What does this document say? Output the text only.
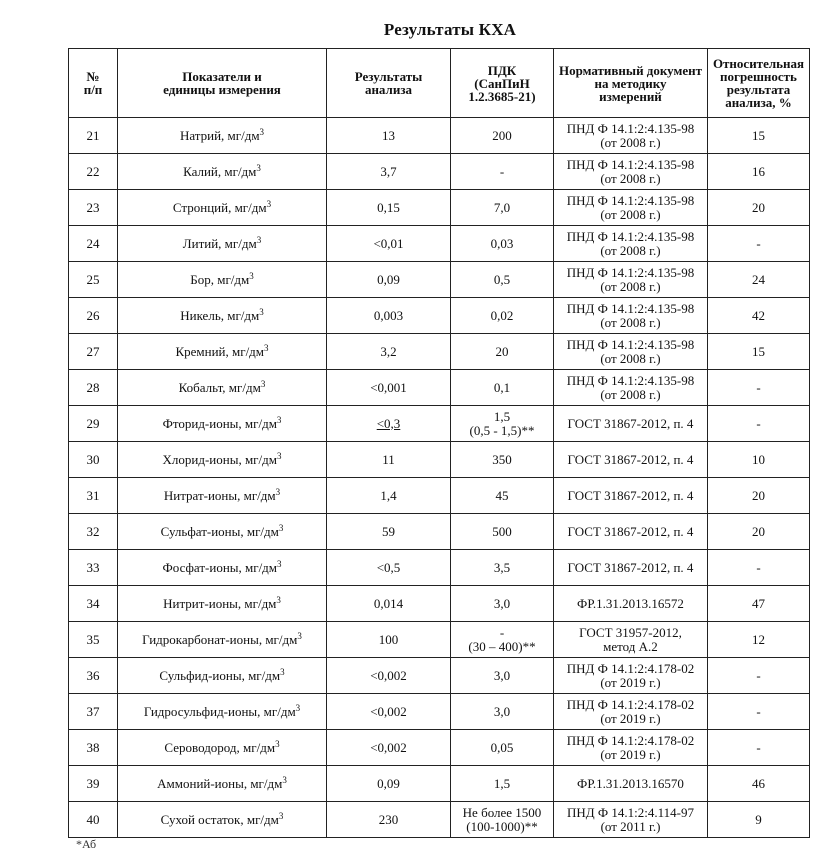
Результаты КХА
№
п/п	Показатели и
единицы измерения	Результаты
анализа	ПДК
(СанПиН
1.2.3685-21)	Нормативный документ
на методику
измерений	Относительная
погрешность
результата
анализа, %
21	Натрий, $мг/дм^3$	13	200	ПНД Ф 14.1:2:4.135-98
(от 2008 г.)	15
22	Калий, $мг/дм^3$	3,7	-	ПНД Ф 14.1:2:4.135-98
(от 2008 г.)	16
23	Стронций, $мг/дм^3$	0,15	7,0	ПНД Ф 14.1:2:4.135-98
(от 2008 г.)	20
24	Литий, $мг/дм^3$	<0,01	0,03	ПНД Ф 14.1:2:4.135-98
(от 2008 г.)	-
25	Бор, $мг/дм^3$	0,09	0,5	ПНД Ф 14.1:2:4.135-98
(от 2008 г.)	24
26	Никель, $мг/дм^3$	0,003	0,02	ПНД Ф 14.1:2:4.135-98
(от 2008 г.)	42
27	Кремний, $мг/дм^3$	3,2	20	ПНД Ф 14.1:2:4.135-98
(от 2008 г.)	15
28	Кобальт, $мг/дм^3$	<0,001	0,1	ПНД Ф 14.1:2:4.135-98
(от 2008 г.)	-
29	Фторид-ионы, $мг/дм^3$	<0,3	1,5
(0,5 - 1,5)**	ГОСТ 31867-2012, п. 4	-
30	Хлорид-ионы, $мг/дм^3$	11	350	ГОСТ 31867-2012, п. 4	10
31	Нитрат-ионы, $мг/дм^3$	1,4	45	ГОСТ 31867-2012, п. 4	20
32	Сульфат-ионы, $мг/дм^3$	59	500	ГОСТ 31867-2012, п. 4	20
33	Фосфат-ионы, $мг/дм^3$	<0,5	3,5	ГОСТ 31867-2012, п. 4	-
34	Нитрит-ионы, $мг/дм^3$	0,014	3,0	ФР.1.31.2013.16572	47
35	Гидрокарбонат-ионы, $мг/дм^3$	100	-
(30 – 400)**	ГОСТ 31957-2012,
метод А.2	12
36	Сульфид-ионы, $мг/дм^3$	<0,002	3,0	ПНД Ф 14.1:2:4.178-02
(от 2019 г.)	-
37	Гидросульфид-ионы, $мг/дм^3$	<0,002	3,0	ПНД Ф 14.1:2:4.178-02
(от 2019 г.)	-
38	Сероводород, $мг/дм^3$	<0,002	0,05	ПНД Ф 14.1:2:4.178-02
(от 2019 г.)	-
39	Аммоний-ионы, $мг/дм^3$	0,09	1,5	ФР.1.31.2013.16570	46
40	Сухой остаток, $мг/дм^3$	230	Не более 1500
(100-1000)**	ПНД Ф 14.1:2:4.114-97
(от 2011 г.)	9
*Аб
